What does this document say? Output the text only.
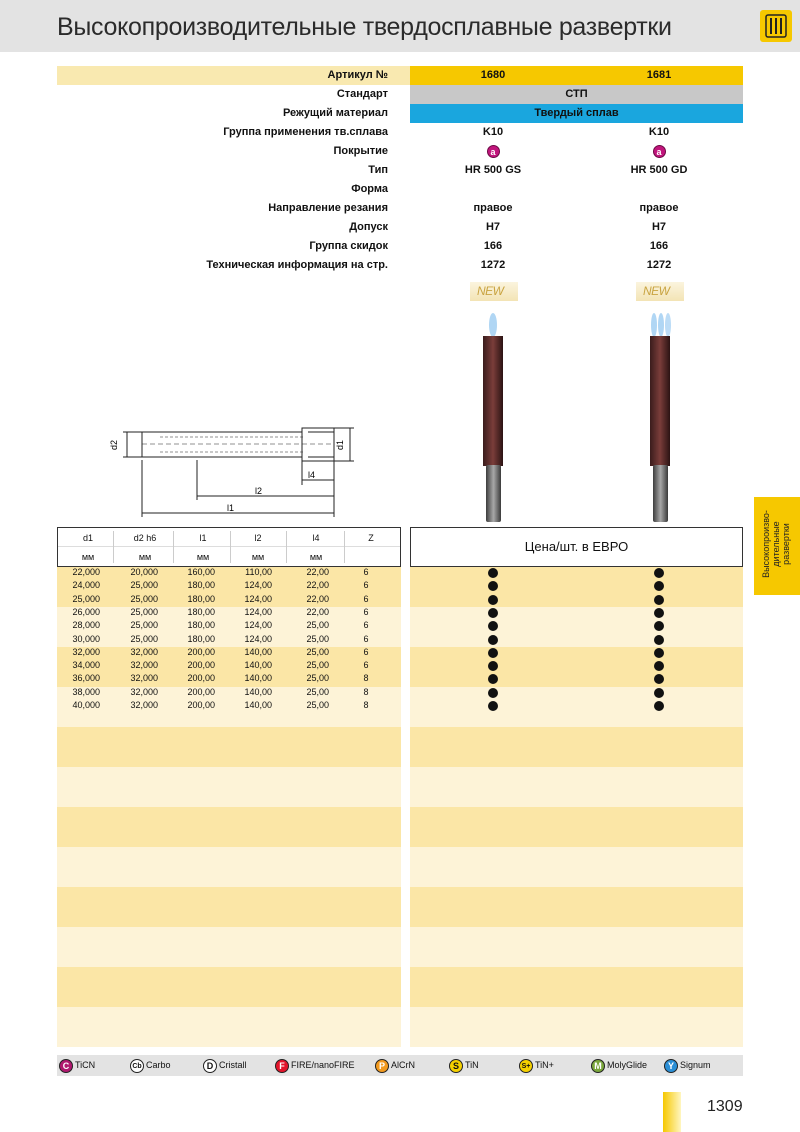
Высокопроизводительные твердосплавные развертки
Артикул №	1680	1681
Стандарт	СТП
Режущий материал	Твердый сплав
Группа применения тв.сплава	K10	K10
Покрытие	a	a
Тип	HR 500 GS	HR 500 GD
Форма
Направление резания	правое	правое
Допуск	H7	H7
Группа скидок	166	166
Техническая информация на стр.	1272	1272
NEW	NEW
d2	d1
l4
l2
l1
d1	d2 h6	l1	l2	l4	Z
мм	мм	мм	мм	мм
Цена/шт. в ЕВРО
22,000	20,000	160,00	110,00	22,00	6
24,000	25,000	180,00	124,00	22,00	6
25,000	25,000	180,00	124,00	22,00	6
26,000	25,000	180,00	124,00	22,00	6
28,000	25,000	180,00	124,00	25,00	6
30,000	25,000	180,00	124,00	25,00	6
32,000	32,000	200,00	140,00	25,00	6
34,000	32,000	200,00	140,00	25,00	6
36,000	32,000	200,00	140,00	25,00	8
38,000	32,000	200,00	140,00	25,00	8
40,000	32,000	200,00	140,00	25,00	8
Высокопроизво-дительные развертки
C TiCN	Cb Carbo	D Cristall	F FIRE/nanoFIRE	P AlCrN	S TiN	S+ TiN+	M MolyGlide	Y Signum
1309
